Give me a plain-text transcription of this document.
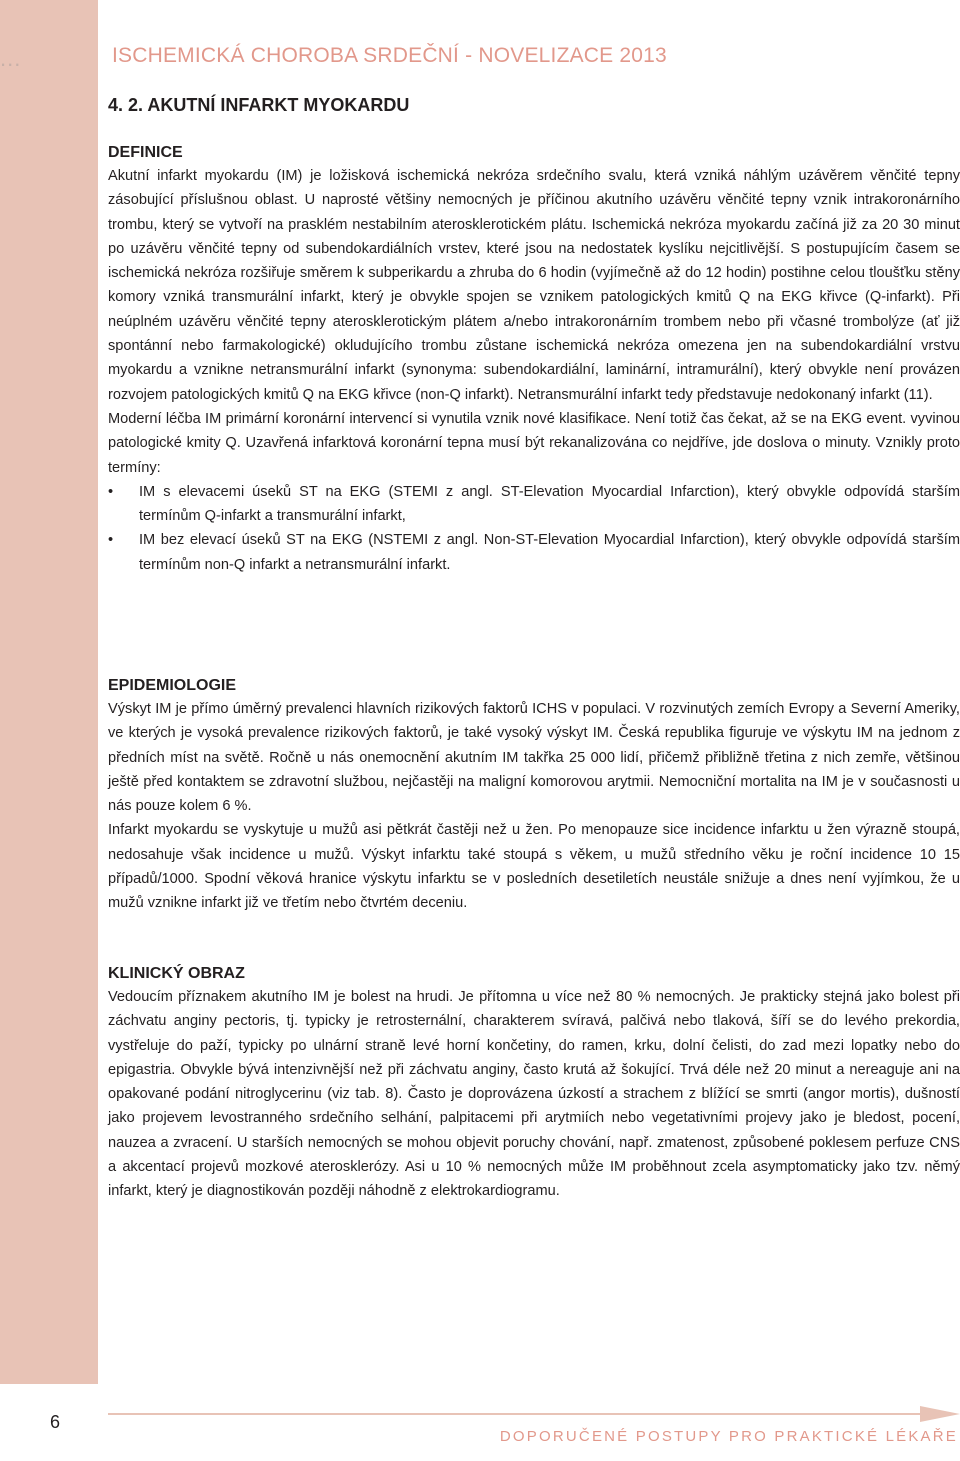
...	ISCHEMICKÁ CHOROBA SRDEČNÍ - NOVELIZACE 2013
4. 2. AKUTNÍ INFARKT MYOKARDU
DEFINICE

Akutní infarkt myokardu (IM) je ložisková ischemická nekróza srdečního svalu, která vzniká náhlým uzávěrem věnčité tepny zásobující příslušnou oblast. U naprosté většiny nemocných je příčinou akutního uzávěru věnčité tepny vznik intrakoronárního trombu, který se vytvoří na prasklém nestabilním aterosklerotickém plátu. Ischemická nekróza myokardu začíná již za 20 30 minut po uzávěru věnčité tepny od subendokardiálních vrstev, které jsou na nedostatek kyslíku nejcitlivější. S postupujícím časem se ischemická nekróza rozšiřuje směrem k subperikardu a zhruba do 6 hodin (vyjímečně až do 12 hodin) postihne celou tloušťku stěny komory vzniká transmurální infarkt, který je obvykle spojen se vznikem patologických kmitů Q na EKG křivce (Q-infarkt). Při neúplném uzávěru věnčité tepny aterosklerotickým plátem a/nebo intrakoronárním trombem nebo při včasné trombolýze (ať již spontánní nebo farmakologické) okludujícího trombu zůstane ischemická nekróza omezena jen na subendokardiální vrstvu myokardu a vznikne netransmurální infarkt (synonyma: subendokardiální, laminární, intramurální), který obvykle není provázen rozvojem patologických kmitů Q na EKG křivce (non-Q infarkt). Netransmurální infarkt tedy představuje nedokonaný infarkt (11).

Moderní léčba IM primární koronární intervencí si vynutila vznik nové klasifikace. Není totiž čas čekat, až se na EKG event. vyvinou patologické kmity Q. Uzavřená infarktová koronární tepna musí být rekanalizována co nejdříve, jde doslova o minuty. Vznikly proto termíny:

• IM s elevacemi úseků ST na EKG (STEMI z angl. ST-Elevation Myocardial Infarction), který obvykle odpovídá starším termínům Q-infarkt a transmurální infarkt,

• IM bez elevací úseků ST na EKG (NSTEMI z angl. Non-ST-Elevation Myocardial Infarction), který obvykle odpovídá starším termínům non-Q infarkt a netransmurální infarkt.

EPIDEMIOLOGIE

Výskyt IM je přímo úměrný prevalenci hlavních rizikových faktorů ICHS v populaci. V rozvinutých zemích Evropy a Severní Ameriky, ve kterých je vysoká prevalence rizikových faktorů, je také vysoký výskyt IM. Česká republika figuruje ve výskytu IM na jednom z předních míst na světě. Ročně u nás onemocnění akutním IM takřka 25 000 lidí, přičemž přibližně třetina z nich zemře, většinou ještě před kontaktem se zdravotní službou, nejčastěji na maligní komorovou arytmii. Nemocniční mortalita na IM je v současnosti u nás pouze kolem 6 %.

Infarkt myokardu se vyskytuje u mužů asi pětkrát častěji než u žen. Po menopauze sice incidence infarktu u žen výrazně stoupá, nedosahuje však incidence u mužů. Výskyt infarktu také stoupá s věkem, u mužů středního věku je roční incidence 10 15 případů/1000. Spodní věková hranice výskytu infarktu se v posledních desetiletích neustále snižuje a dnes není vyjímkou, že u mužů vznikne infarkt již ve třetím nebo čtvrtém deceniu.

KLINICKÝ OBRAZ

Vedoucím příznakem akutního IM je bolest na hrudi. Je přítomna u více než 80 % nemocných. Je prakticky stejná jako bolest při záchvatu anginy pectoris, tj. typicky je retrosternální, charakterem svíravá, palčivá nebo tlaková, šíří se do levého prekordia, vystřeluje do paží, typicky po ulnární straně levé horní končetiny, do ramen, krku, dolní čelisti, do zad mezi lopatky nebo do epigastria. Obvykle bývá intenzivnější než při záchvatu anginy, často krutá až šokující. Trvá déle než 20 minut a nereaguje ani na opakované podání nitroglycerinu (viz tab. 8). Často je doprovázena úzkostí a strachem z blížící se smrti (angor mortis), dušností jako projevem levostranného srdečního selhání, palpitacemi při arytmiích nebo vegetativními projevy jako je bledost, pocení, nauzea a zvracení. U starších nemocných se mohou objevit poruchy chování, např. zmatenost, způsobené poklesem perfuze CNS a akcentací projevů mozkové aterosklerózy. Asi u 10 % nemocných může IM proběhnout zcela asymptomaticky jako tzv. němý infarkt, který je diagnostikován později náhodně z elektrokardiogramu.

6
DOPORUČENÉ POSTUPY PRO PRAKTICKÉ LÉKAŘE
